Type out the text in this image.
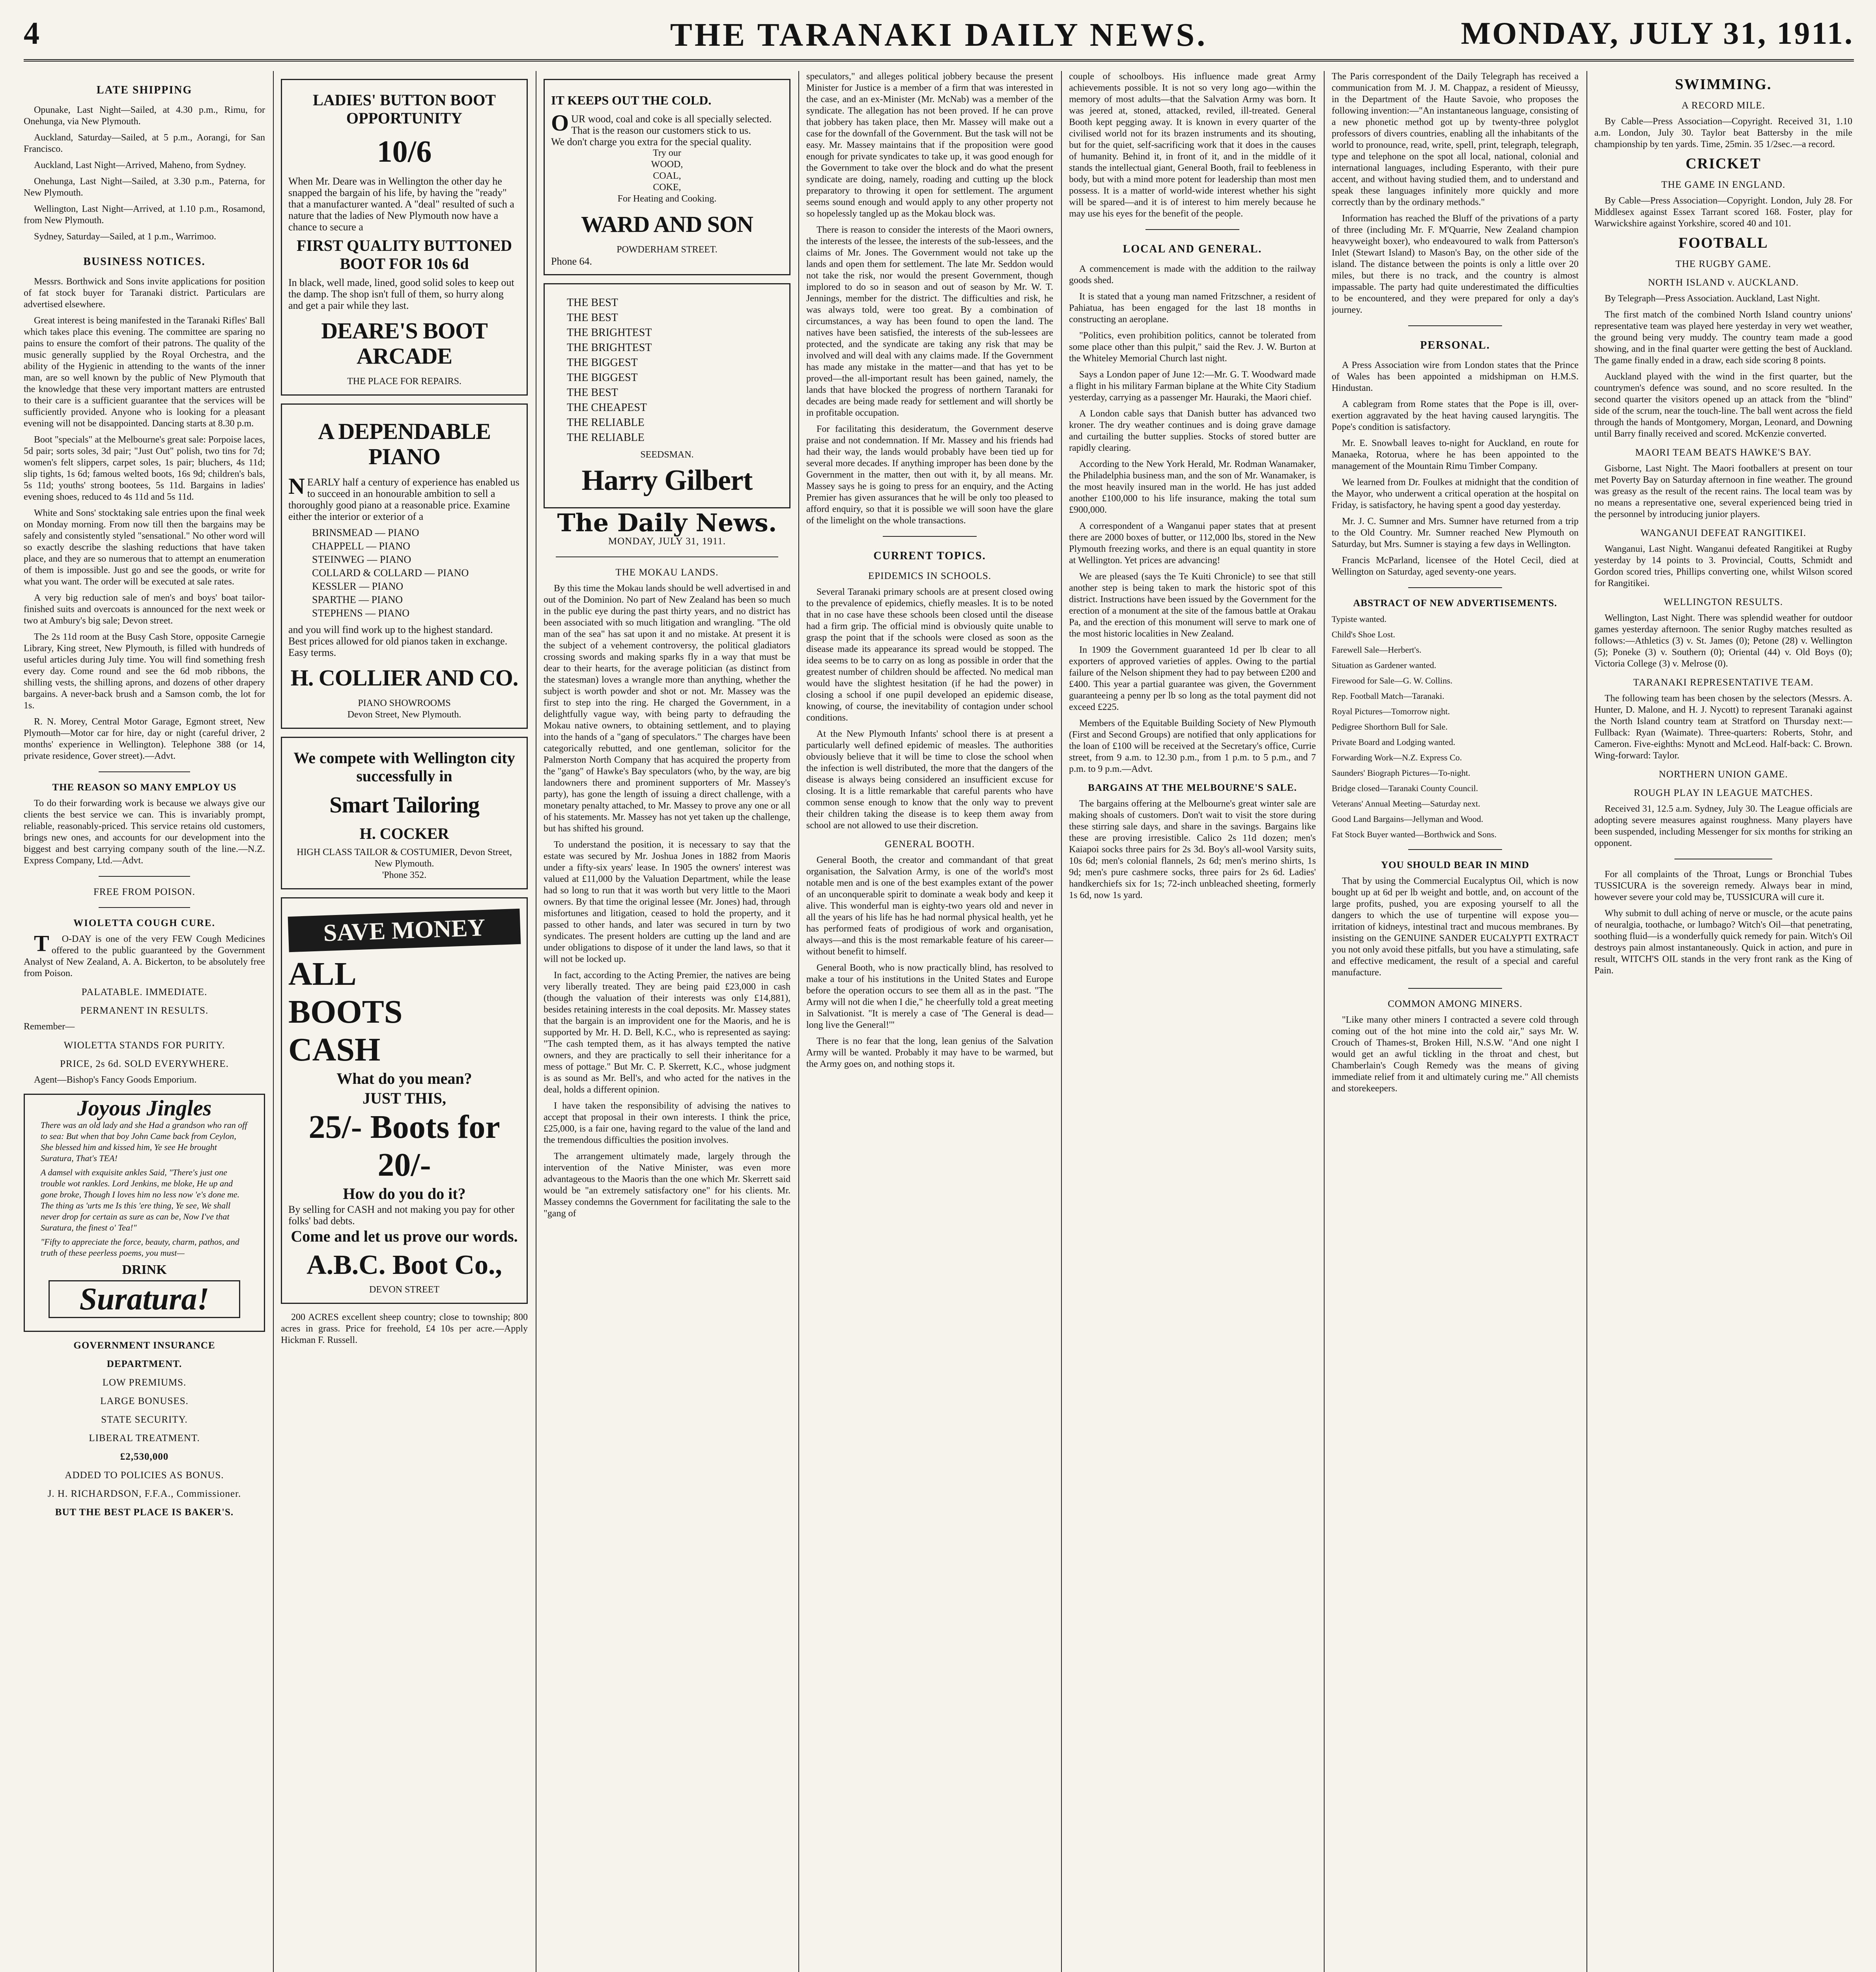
4	THE TARANAKI DAILY NEWS.	MONDAY, JULY 31, 1911.
LATE SHIPPING

Opunake, Last Night—Sailed, at 4.30 p.m., Rimu, for Onehunga, via New Plymouth.

Auckland, Saturday—Sailed, at 5 p.m., Aorangi, for San Francisco.

Auckland, Last Night—Arrived, Maheno, from Sydney.

Onehunga, Last Night—Sailed, at 3.30 p.m., Paterna, for New Plymouth.

Wellington, Last Night—Arrived, at 1.10 p.m., Rosamond, from New Plymouth.

Sydney, Saturday—Sailed, at 1 p.m., Warrimoo.

BUSINESS NOTICES.

Messrs. Borthwick and Sons invite applications for position of fat stock buyer for Taranaki district. Particulars are advertised elsewhere.

Great interest is being manifested in the Taranaki Rifles' Ball which takes place this evening. The committee are sparing no pains to ensure the comfort of their patrons. The quality of the music generally supplied by the Royal Orchestra, and the ability of the Hygienic in attending to the wants of the inner man, are so well known by the public of New Plymouth that the knowledge that these very important matters are entrusted to their care is a sufficient guarantee that the services will be sufficiently provided. Anyone who is looking for a pleasant evening will not be disappointed. Dancing starts at 8.30 p.m.

Boot "specials" at the Melbourne's great sale: Porpoise laces, 5d pair; sorts soles, 3d pair; "Just Out" polish, two tins for 7d; women's felt slippers, carpet soles, 1s pair; bluchers, 4s 11d; slip tights, 1s 6d; famous welted boots, 16s 9d; children's bals, 5s 11d; youths' strong bootees, 5s 11d. Bargains in ladies' evening shoes, reduced to 4s 11d and 5s 11d.

White and Sons' stocktaking sale entries upon the final week on Monday morning. From now till then the bargains may be safely and consistently styled "sensational." No other word will so exactly describe the slashing reductions that have taken place, and they are so numerous that to attempt an enumeration of them is impossible. Just go and see the goods, or write for what you want. The order will be executed at sale rates.

A very big reduction sale of men's and boys' boat tailor-finished suits and overcoats is announced for the next week or two at Ambury's big sale; Devon street.

The 2s 11d room at the Busy Cash Store, opposite Carnegie Library, King street, New Plymouth, is filled with hundreds of useful articles during July time. You will find something fresh every day. Come round and see the 6d mob ribbons, the shilling vests, the shilling aprons, and dozens of other drapery bargains. A never-back brush and a Samson comb, the lot for 1s.

R. N. Morey, Central Motor Garage, Egmont street, New Plymouth—Motor car for hire, day or night (careful driver, 2 months' experience in Wellington). Telephone 388 (or 14, private residence, Gover street).—Advt.

THE REASON SO MANY EMPLOY US

To do their forwarding work is because we always give our clients the best service we can. This is invariably prompt, reliable, reasonably-priced. This service retains old customers, brings new ones, and accounts for our development into the biggest and best carrying company south of the line.—N.Z. Express Company, Ltd.—Advt.

FREE FROM POISON.
WIOLETTA COUGH CURE.

TO-DAY is one of the very FEW Cough Medicines offered to the public guaranteed by the Government Analyst of New Zealand, A. A. Bickerton, to be absolutely free from Poison.

PALATABLE. IMMEDIATE.
PERMANENT IN RESULTS.

Remember—

WIOLETTA STANDS FOR PURITY.
PRICE, 2s 6d. SOLD EVERYWHERE.

Agent—Bishop's Fancy Goods Emporium.

Joyous Jingles
There was an old lady and she Had a grandson who ran off to sea: But when that boy John Came back from Ceylon, She blessed him and kissed him, Ye see He brought Suratura, That's TEA!
A damsel with exquisite ankles Said, "There's just one trouble wot rankles. Lord Jenkins, me bloke, He up and gone broke, Though I loves him no less now 'e's done me. The thing as 'urts me Is this 'ere thing, Ye see, We shall never drop for certain as sure as can be, Now I've that Suratura, the finest o' Tea!"
"Fifty to appreciate the force, beauty, charm, pathos, and truth of these peerless poems, you must—
DRINK
Suratura!
GOVERNMENT INSURANCE
DEPARTMENT.
LOW PREMIUMS.
LARGE BONUSES.
STATE SECURITY.
LIBERAL TREATMENT.
£2,530,000
ADDED TO POLICIES AS BONUS.
J. H. RICHARDSON, F.F.A., Commissioner.
BUT THE BEST PLACE IS BAKER'S.
LADIES' BUTTON BOOT OPPORTUNITY
10/6
When Mr. Deare was in Wellington the other day he snapped the bargain of his life, by having the "ready" that a manufacturer wanted. A "deal" resulted of such a nature that the ladies of New Plymouth now have a chance to secure a
FIRST QUALITY BUTTONED BOOT FOR 10s 6d
In black, well made, lined, good solid soles to keep out the damp. The shop isn't full of them, so hurry along and get a pair while they last.
DEARE'S BOOT ARCADE
THE PLACE FOR REPAIRS.
A DEPENDABLE PIANO
NEARLY half a century of experience has enabled us to succeed in an honourable ambition to sell a thoroughly good piano at a reasonable price. Examine either the interior or exterior of a
BRINSMEAD — PIANO
CHAPPELL — PIANO
STEINWEG — PIANO
COLLARD & COLLARD — PIANO
KESSLER — PIANO
SPARTHE — PIANO
STEPHENS — PIANO
and you will find work up to the highest standard.
Best prices allowed for old pianos taken in exchange. Easy terms.
H. COLLIER AND CO.
PIANO SHOWROOMS
Devon Street, New Plymouth.
We compete with Wellington city successfully in
Smart Tailoring
H. COCKER
HIGH CLASS TAILOR & COSTUMIER, Devon Street, New Plymouth.
'Phone 352.
SAVE MONEY
ALL
BOOTS
CASH
What do you mean?
JUST THIS,
25/- Boots for 20/-
How do you do it?
By selling for CASH and not making you pay for other folks' bad debts.
Come and let us prove our words.
A.B.C. Boot Co.,
DEVON STREET

200 ACRES excellent sheep country; close to township; 800 acres in grass. Price for freehold, £4 10s per acre.—Apply Hickman F. Russell.

IT KEEPS OUT THE COLD.
OUR wood, coal and coke is all specially selected. That is the reason our customers stick to us.
We don't charge you extra for the special quality.
Try our
WOOD,
COAL,
COKE,
For Heating and Cooking.
WARD AND SON
POWDERHAM STREET.
Phone 64.
THE BEST
THE BEST
THE BRIGHTEST
THE BRIGHTEST
THE BIGGEST
THE BIGGEST
THE BEST
THE CHEAPEST
THE RELIABLE
THE RELIABLE
SEEDSMAN.
Harry Gilbert
The Daily News.
MONDAY, JULY 31, 1911.
THE MOKAU LANDS.

By this time the Mokau lands should be well advertised in and out of the Dominion. No part of New Zealand has been so much in the public eye during the past thirty years, and no district has been associated with so much litigation and wrangling. "The old man of the sea" has sat upon it and no mistake. At present it is the subject of a vehement controversy, the political gladiators crossing swords and making sparks fly in a way that must be dear to their hearts, for the average politician (as distinct from the statesman) loves a wrangle more than anything, whether the subject is worth powder and shot or not. Mr. Massey was the first to step into the ring. He charged the Government, in a delightfully vague way, with being party to defrauding the Mokau native owners, to obtaining settlement, and to playing into the hands of a "gang of speculators." The charges have been categorically rebutted, and one gentleman, solicitor for the Palmerston North Company that has acquired the property from the "gang" of Hawke's Bay speculators (who, by the way, are big landowners there and prominent supporters of Mr. Massey's party), has gone the length of issuing a direct challenge, with a monetary penalty attached, to Mr. Massey to prove any one or all of his statements. Mr. Massey has not yet taken up the challenge, but has shifted his ground.

To understand the position, it is necessary to say that the estate was secured by Mr. Joshua Jones in 1882 from Maoris under a fifty-six years' lease. In 1905 the owners' interest was valued at £11,000 by the Valuation Department, while the lease had so long to run that it was worth but very little to the Maori owners. By that time the original lessee (Mr. Jones) had, through misfortunes and litigation, ceased to hold the property, and it passed to other hands, and later was secured in turn by two syndicates. The present holders are cutting up the land and are under obligations to dispose of it under the land laws, so that it will not be locked up.

In fact, according to the Acting Premier, the natives are being very liberally treated. They are being paid £23,000 in cash (though the valuation of their interests was only £14,881), besides retaining interests in the coal deposits. Mr. Massey states that the bargain is an improvident one for the Maoris, and he is supported by Mr. H. D. Bell, K.C., who is represented as saying: "The cash tempted them, as it has always tempted the native owners, and they are practically to sell their inheritance for a mess of pottage." But Mr. C. P. Skerrett, K.C., whose judgment is as sound as Mr. Bell's, and who acted for the natives in the deal, holds a different opinion.

I have taken the responsibility of advising the natives to accept that proposal in their own interests. I think the price, £25,000, is a fair one, having regard to the value of the land and the tremendous difficulties the position involves.

The arrangement ultimately made, largely through the intervention of the Native Minister, was even more advantageous to the Maoris than the one which Mr. Skerrett said would be "an extremely satisfactory one" for his clients. Mr. Massey condemns the Government for facilitating the sale to the "gang of

speculators," and alleges political jobbery because the present Minister for Justice is a member of a firm that was interested in the case, and an ex-Minister (Mr. McNab) was a member of the syndicate. The allegation has not been proved. If he can prove that jobbery has taken place, then Mr. Massey will make out a case for the downfall of the Government. But the task will not be easy. Mr. Massey maintains that if the proposition were good enough for private syndicates to take up, it was good enough for the Government to take over the block and do what the present syndicate are doing, namely, roading and cutting up the block preparatory to throwing it open for settlement. The argument seems sound enough and would apply to any other property not so hopelessly tangled up as the Mokau block was.

There is reason to consider the interests of the Maori owners, the interests of the lessee, the interests of the sub-lessees, and the claims of Mr. Jones. The Government would not take up the lands and open them for settlement. The late Mr. Seddon would not take the risk, nor would the present Government, though implored to do so in season and out of season by Mr. W. T. Jennings, member for the district. The difficulties and risk, he was always told, were too great. By a combination of circumstances, a way has been found to open the land. The natives have been satisfied, the interests of the sub-lessees are protected, and the syndicate are taking any risk that may be involved and will deal with any claims made. If the Government has made any mistake in the matter—and that has yet to be proved—the all-important result has been gained, namely, the lands that have blocked the progress of northern Taranaki for decades are being made ready for settlement and will shortly be in profitable occupation.

For facilitating this desideratum, the Government deserve praise and not condemnation. If Mr. Massey and his friends had had their way, the lands would probably have been tied up for several more decades. If anything improper has been done by the Government in the matter, then out with it, by all means. Mr. Massey says he is going to press for an enquiry, and the Acting Premier has given assurances that he will be only too pleased to afford enquiry, so that it is possible we will soon have the glare of the limelight on the whole transactions.

CURRENT TOPICS.
EPIDEMICS IN SCHOOLS.

Several Taranaki primary schools are at present closed owing to the prevalence of epidemics, chiefly measles. It is to be noted that in no case have these schools been closed until the disease had a firm grip. The official mind is obviously quite unable to grasp the point that if the schools were closed as soon as the disease made its appearance its spread would be stopped. The idea seems to be to carry on as long as possible in order that the greatest number of children should be affected. No medical man would have the slightest hesitation (if he had the power) in closing a school if one pupil developed an epidemic disease, knowing, of course, the inevitability of contagion under school conditions.

At the New Plymouth Infants' school there is at present a particularly well defined epidemic of measles. The authorities obviously believe that it will be time to close the school when the infection is well distributed, the more that the dangers of the disease is always being considered an insufficient excuse for closing. It is a little remarkable that careful parents who have common sense enough to know that the only way to prevent their children taking the disease is to keep them away from school are not allowed to use their discretion.

GENERAL BOOTH.

General Booth, the creator and commandant of that great organisation, the Salvation Army, is one of the world's most notable men and is one of the best examples extant of the power of an unconquerable spirit to dominate a weak body and keep it alive. This wonderful man is eighty-two years old and never in all the years of his life has he had normal physical health, yet he has performed feats of prodigious of work and organisation, always—and this is the most remarkable feature of his career—without benefit to himself.

General Booth, who is now practically blind, has resolved to make a tour of his institutions in the United States and Europe before the operation occurs to see them all as in the past. "The Army will not die when I die," he cheerfully told a great meeting in Salvationist. "It is merely a case of 'The General is dead—long live the General!'"

There is no fear that the long, lean genius of the Salvation Army will be wanted. Probably it may have to be warmed, but the Army goes on, and nothing stops it.

couple of schoolboys. His influence made great Army achievements possible. It is not so very long ago—within the memory of most adults—that the Salvation Army was born. It was jeered at, stoned, attacked, reviled, ill-treated. General Booth kept pegging away. It is known in every quarter of the civilised world not for its brazen instruments and its shouting, but for the quiet, self-sacrificing work that it does in the causes of humanity. Behind it, in front of it, and in the middle of it stands the intellectual giant, General Booth, frail to feebleness in body, but with a mind more potent for leadership than most men possess. It is a matter of world-wide interest whether his sight will be spared—and it is of interest to him merely because he may use his eyes for the benefit of the people.

LOCAL AND GENERAL.

A commencement is made with the addition to the railway goods shed.

It is stated that a young man named Fritzschner, a resident of Pahiatua, has been engaged for the last 18 months in constructing an aeroplane.

"Politics, even prohibition politics, cannot be tolerated from some place other than this pulpit," said the Rev. J. W. Burton at the Whiteley Memorial Church last night.

Says a London paper of June 12:—Mr. G. T. Woodward made a flight in his military Farman biplane at the White City Stadium yesterday, carrying as a passenger Mr. Hauraki, the Maori chief.

A London cable says that Danish butter has advanced two kroner. The dry weather continues and is doing grave damage and curtailing the butter supplies. Stocks of stored butter are rapidly clearing.

According to the New York Herald, Mr. Rodman Wanamaker, the Philadelphia business man, and the son of Mr. Wanamaker, is the most heavily insured man in the world. He has just added another £100,000 to his life insurance, making the total sum £900,000.

A correspondent of a Wanganui paper states that at present there are 2000 boxes of butter, or 112,000 lbs, stored in the New Plymouth freezing works, and there is an equal quantity in store at Wellington. Yet prices are advancing!

We are pleased (says the Te Kuiti Chronicle) to see that still another step is being taken to mark the historic spot of this district. Instructions have been issued by the Government for the erection of a monument at the site of the famous battle at Orakau Pa, and the erection of this monument will serve to mark one of the most historic localities in New Zealand.

In 1909 the Government guaranteed 1d per lb clear to all exporters of approved varieties of apples. Owing to the partial failure of the Nelson shipment they had to pay between £200 and £400. This year a partial guarantee was given, the Government guaranteeing a penny per lb so long as the total payment did not exceed £225.

Members of the Equitable Building Society of New Plymouth (First and Second Groups) are notified that only applications for the loan of £100 will be received at the Secretary's office, Currie street, from 9 a.m. to 12.30 p.m., from 1 p.m. to 5 p.m., and 7 p.m. to 9 p.m.—Advt.

BARGAINS AT THE MELBOURNE'S SALE.

The bargains offering at the Melbourne's great winter sale are making shoals of customers. Don't wait to visit the store during these stirring sale days, and share in the savings. Bargains like these are proving irresistible. Calico 2s 11d dozen; men's Kaiapoi socks three pairs for 2s 3d. Boy's all-wool Varsity suits, 10s 6d; men's colonial flannels, 2s 6d; men's merino shirts, 1s 9d; men's pure cashmere socks, three pairs for 2s 6d. Ladies' handkerchiefs six for 1s; 72-inch unbleached sheeting, formerly 1s 6d, now 1s yard.

The Paris correspondent of the Daily Telegraph has received a communication from M. J. M. Chappaz, a resident of Mieussy, in the Department of the Haute Savoie, who proposes the following invention:—"An instantaneous language, consisting of a new phonetic method got up by twenty-three polyglot professors of divers countries, enabling all the inhabitants of the world to pronounce, read, write, spell, print, telegraph, telegraph, type and telephone on the spot all local, national, colonial and international languages, including Esperanto, with their pure accent, and without having studied them, and to understand and speak these languages infinitely more quickly and more correctly than by the ordinary methods."

Information has reached the Bluff of the privations of a party of three (including Mr. F. M'Quarrie, New Zealand champion heavyweight boxer), who endeavoured to walk from Patterson's Inlet (Stewart Island) to Mason's Bay, on the other side of the island. The distance between the points is only a little over 20 miles, but there is no track, and the country is almost impassable. The party had quite underestimated the difficulties to be encountered, and they were prepared for only a day's journey.

PERSONAL.

A Press Association wire from London states that the Prince of Wales has been appointed a midshipman on H.M.S. Hindustan.

A cablegram from Rome states that the Pope is ill, over-exertion aggravated by the heat having caused laryngitis. The Pope's condition is satisfactory.

Mr. E. Snowball leaves to-night for Auckland, en route for Manaeka, Rotorua, where he has been appointed to the management of the Mountain Rimu Timber Company.

We learned from Dr. Foulkes at midnight that the condition of the Mayor, who underwent a critical operation at the hospital on Friday, is satisfactory, he having spent a good day yesterday.

Mr. J. C. Sumner and Mrs. Sumner have returned from a trip to the Old Country. Mr. Sumner reached New Plymouth on Saturday, but Mrs. Sumner is staying a few days in Wellington.

Francis McParland, licensee of the Hotel Cecil, died at Wellington on Saturday, aged seventy-one years.

ABSTRACT OF NEW ADVERTISEMENTS.

Typiste wanted.

Child's Shoe Lost.

Farewell Sale—Herbert's.

Situation as Gardener wanted.

Firewood for Sale—G. W. Collins.

Rep. Football Match—Taranaki.

Royal Pictures—Tomorrow night.

Pedigree Shorthorn Bull for Sale.

Private Board and Lodging wanted.

Forwarding Work—N.Z. Express Co.

Saunders' Biograph Pictures—To-night.

Bridge closed—Taranaki County Council.

Veterans' Annual Meeting—Saturday next.

Good Land Bargains—Jellyman and Wood.

Fat Stock Buyer wanted—Borthwick and Sons.

YOU SHOULD BEAR IN MIND

That by using the Commercial Eucalyptus Oil, which is now bought up at 6d per lb weight and bottle, and, on account of the large profits, pushed, you are exposing yourself to all the dangers to which the use of turpentine will expose you—irritation of kidneys, intestinal tract and mucous membranes. By insisting on the GENUINE SANDER EUCALYPTI EXTRACT you not only avoid these pitfalls, but you have a stimulating, safe and effective medicament, the result of a special and careful manufacture.

COMMON AMONG MINERS.

"Like many other miners I contracted a severe cold through coming out of the hot mine into the cold air," says Mr. W. Crouch of Thames-st, Broken Hill, N.S.W. "And one night I would get an awful tickling in the throat and chest, but Chamberlain's Cough Remedy was the means of giving immediate relief from it and ultimately curing me." All chemists and storekeepers.

SWIMMING.
A RECORD MILE.

By Cable—Press Association—Copyright. Received 31, 1.10 a.m. London, July 30. Taylor beat Battersby in the mile championship by ten yards. Time, 25min. 35 1/2sec.—a record.

CRICKET
THE GAME IN ENGLAND.

By Cable—Press Association—Copyright. London, July 28. For Middlesex against Essex Tarrant scored 168. Foster, play for Warwickshire against Yorkshire, scored 40 and 101.

FOOTBALL
THE RUGBY GAME.
NORTH ISLAND v. AUCKLAND.

By Telegraph—Press Association. Auckland, Last Night.

The first match of the combined North Island country unions' representative team was played here yesterday in very wet weather, the ground being very muddy. The country team made a good showing, and in the final quarter were getting the best of Auckland. The game finally ended in a draw, each side scoring 8 points.

Auckland played with the wind in the first quarter, but the countrymen's defence was sound, and no score resulted. In the second quarter the visitors opened up an attack from the "blind" side of the scrum, near the touch-line. The ball went across the field through the hands of Montgomery, Morgan, Leonard, and Downing until Barry finally received and scored. McKenzie converted.

MAORI TEAM BEATS HAWKE'S BAY.

Gisborne, Last Night. The Maori footballers at present on tour met Poverty Bay on Saturday afternoon in fine weather. The ground was greasy as the result of the recent rains. The local team was by no means a representative one, several experienced being tried in the personnel by introducing junior players.

WANGANUI DEFEAT RANGITIKEI.

Wanganui, Last Night. Wanganui defeated Rangitikei at Rugby yesterday by 14 points to 3. Provincial, Coutts, Schmidt and Gordon scored tries, Phillips converting one, whilst Wilson scored for Rangitikei.

WELLINGTON RESULTS.

Wellington, Last Night. There was splendid weather for outdoor games yesterday afternoon. The senior Rugby matches resulted as follows:—Athletics (3) v. St. James (0); Petone (28) v. Wellington (5); Poneke (3) v. Southern (0); Oriental (44) v. Old Boys (0); Victoria College (3) v. Melrose (0).

TARANAKI REPRESENTATIVE TEAM.

The following team has been chosen by the selectors (Messrs. A. Hunter, D. Malone, and H. J. Nycott) to represent Taranaki against the North Island country team at Stratford on Thursday next:—Fullback: Ryan (Waimate). Three-quarters: Roberts, Stohr, and Cameron. Five-eighths: Mynott and McLeod. Half-back: C. Brown. Wing-forward: Taylor.

NORTHERN UNION GAME.
ROUGH PLAY IN LEAGUE MATCHES.

Received 31, 12.5 a.m. Sydney, July 30. The League officials are adopting severe measures against roughness. Many players have been suspended, including Messenger for six months for striking an opponent.

For all complaints of the Throat, Lungs or Bronchial Tubes TUSSICURA is the sovereign remedy. Always bear in mind, however severe your cold may be, TUSSICURA will cure it.

Why submit to dull aching of nerve or muscle, or the acute pains of neuralgia, toothache, or lumbago? Witch's Oil—that penetrating, soothing fluid—is a wonderfully quick remedy for pain. Witch's Oil destroys pain almost instantaneously. Quick in action, and pure in result, WITCH'S OIL stands in the very front rank as the King of Pain.
